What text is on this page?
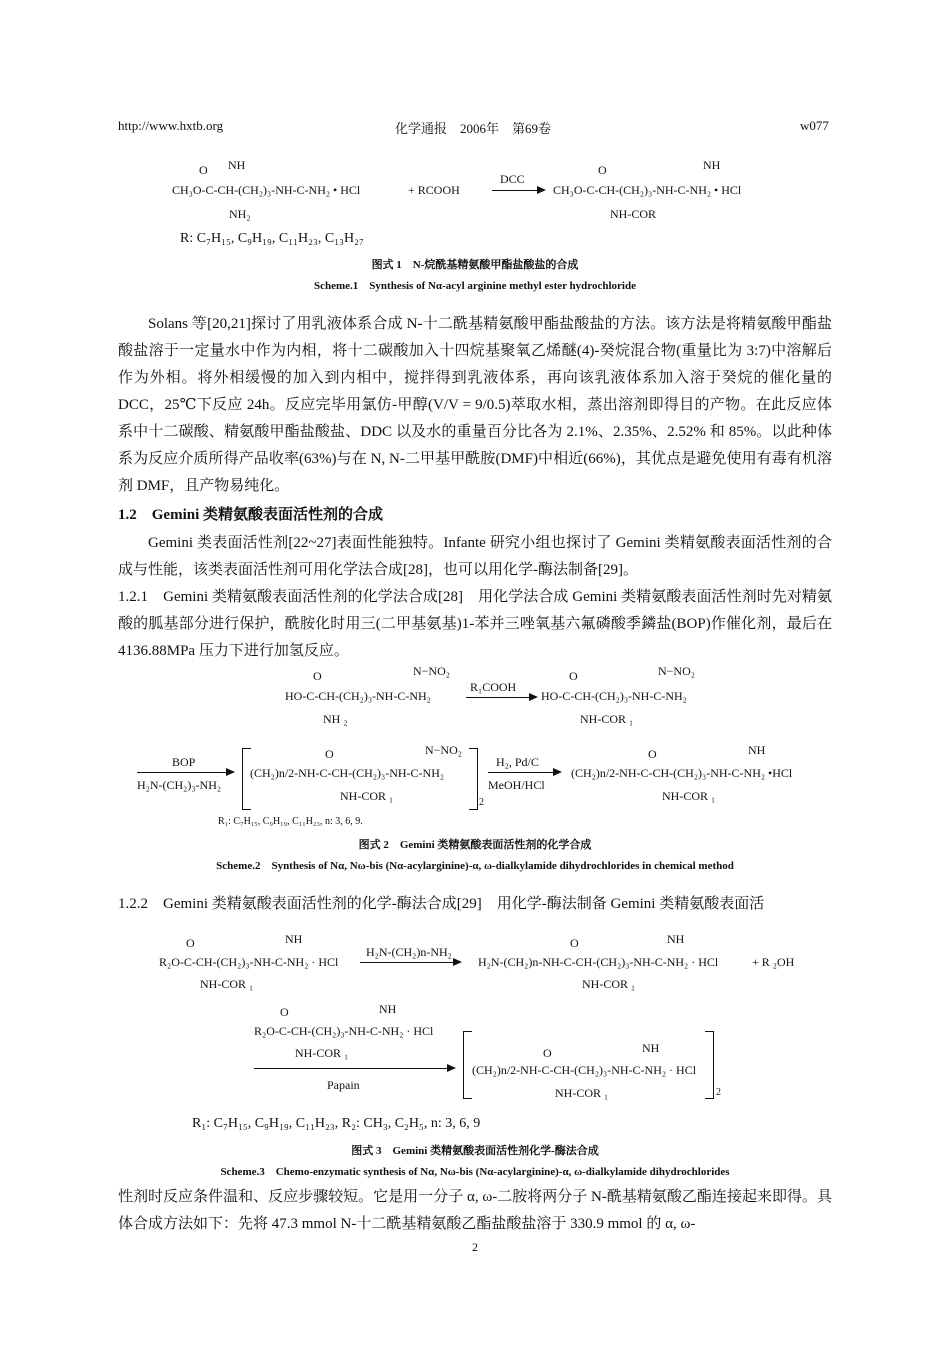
http://www.hxtb.org	化学通报　2006年　第69卷	w077
NH
O
CH₃O-C-CH-(CH₂)₃-NH-C-NH₂ • HCl
NH₂
+ RCOOH
DCC
O	NH
CH₃O-C-CH-(CH₂)₃-NH-C-NH₂ • HCl
NH-COR
R: C₇H₁₅, C₉H₁₉, C₁₁H₂₃, C₁₃H₂₇
图式 1　N-烷酰基精氨酸甲酯盐酸盐的合成
Scheme.1　Synthesis of Nα-acyl arginine methyl ester hydrochloride
Solans 等[20,21]探讨了用乳液体系合成 N-十二酰基精氨酸甲酯盐酸盐的方法。该方法是将精氨酸甲酯盐酸盐溶于一定量水中作为内相，将十二碳酸加入十四烷基聚氧乙烯醚(4)-癸烷混合物(重量比为 3:7)中溶解后作为外相。将外相缓慢的加入到内相中，搅拌得到乳液体系，再向该乳液体系加入溶于癸烷的催化量的 DCC，25℃下反应 24h。反应完毕用氯仿-甲醇(V/V = 9/0.5)萃取水相，蒸出溶剂即得目的产物。在此反应体系中十二碳酸、精氨酸甲酯盐酸盐、DDC 以及水的重量百分比各为 2.1%、2.35%、2.52% 和 85%。以此种体系为反应介质所得产品收率(63%)与在 N, N-二甲基甲酰胺(DMF)中相近(66%)，其优点是避免使用有毒有机溶剂 DMF，且产物易纯化。
1.2　Gemini 类精氨酸表面活性剂的合成
Gemini 类表面活性剂[22~27]表面性能独特。Infante 研究小组也探讨了 Gemini 类精氨酸表面活性剂的合成与性能，该类表面活性剂可用化学法合成[28]，也可以用化学-酶法制备[29]。
1.2.1　Gemini 类精氨酸表面活性剂的化学法合成[28]　用化学法合成 Gemini 类精氨酸表面活性剂时先对精氨酸的胍基部分进行保护，酰胺化时用三(二甲基氨基)1-苯并三唑氧基六氟磷酸季鏻盐(BOP)作催化剂，最后在 4136.88MPa 压力下进行加氢反应。
O	N−NO₂
HO-C-CH-(CH₂)₃-NH-C-NH₂
NH ₂
R₁COOH
O	N−NO₂
HO-C-CH-(CH₂)₃-NH-C-NH₂
NH-COR ₁
BOP
H₂N-(CH₂)₃-NH₂
O	N−NO₂
(CH₂)n/2-NH-C-CH-(CH₂)₃-NH-C-NH₂
NH-COR ₁	2
H₂, Pd/C
MeOH/HCl
O	NH
(CH₂)n/2-NH-C-CH-(CH₂)₃-NH-C-NH₂ •HCl
NH-COR ₁
R₁: C₇H₁₅, C₉H₁₉, C₁₁H₂₃, n: 3, 6, 9.
图式 2　Gemini 类精氨酸表面活性剂的化学合成
Scheme.2　Synthesis of Nα, Nω-bis (Nα-acylarginine)-α, ω-dialkylamide dihydrochlorides in chemical method
1.2.2　Gemini 类精氨酸表面活性剂的化学-酶法合成[29]　用化学-酶法制备 Gemini 类精氨酸表面活
O	NH
R₂O-C-CH-(CH₂)₃-NH-C-NH₂ · HCl
NH-COR ₁
H₂N-(CH₂)n-NH₂
O	NH
H₂N-(CH₂)n-NH-C-CH-(CH₂)₃-NH-C-NH₂ · HCl
NH-COR ₁
+ R ₂OH
O	NH
R₂O-C-CH-(CH₂)₃-NH-C-NH₂ · HCl
NH-COR ₁
Papain
O	NH
(CH₂)n/2-NH-C-CH-(CH₂)₃-NH-C-NH₂ · HCl
NH-COR ₁	2
R₁: C₇H₁₅, C₉H₁₉, C₁₁H₂₃, R₂: CH₃, C₂H₅, n: 3, 6, 9
图式 3　Gemini 类精氨酸表面活性剂化学-酶法合成
Scheme.3　Chemo-enzymatic synthesis of Nα, Nω-bis (Nα-acylarginine)-α, ω-dialkylamide dihydrochlorides
性剂时反应条件温和、反应步骤较短。它是用一分子 α, ω-二胺将两分子 N-酰基精氨酸乙酯连接起来即得。具体合成方法如下：先将 47.3 mmol N-十二酰基精氨酸乙酯盐酸盐溶于 330.9 mmol 的 α, ω-
2
